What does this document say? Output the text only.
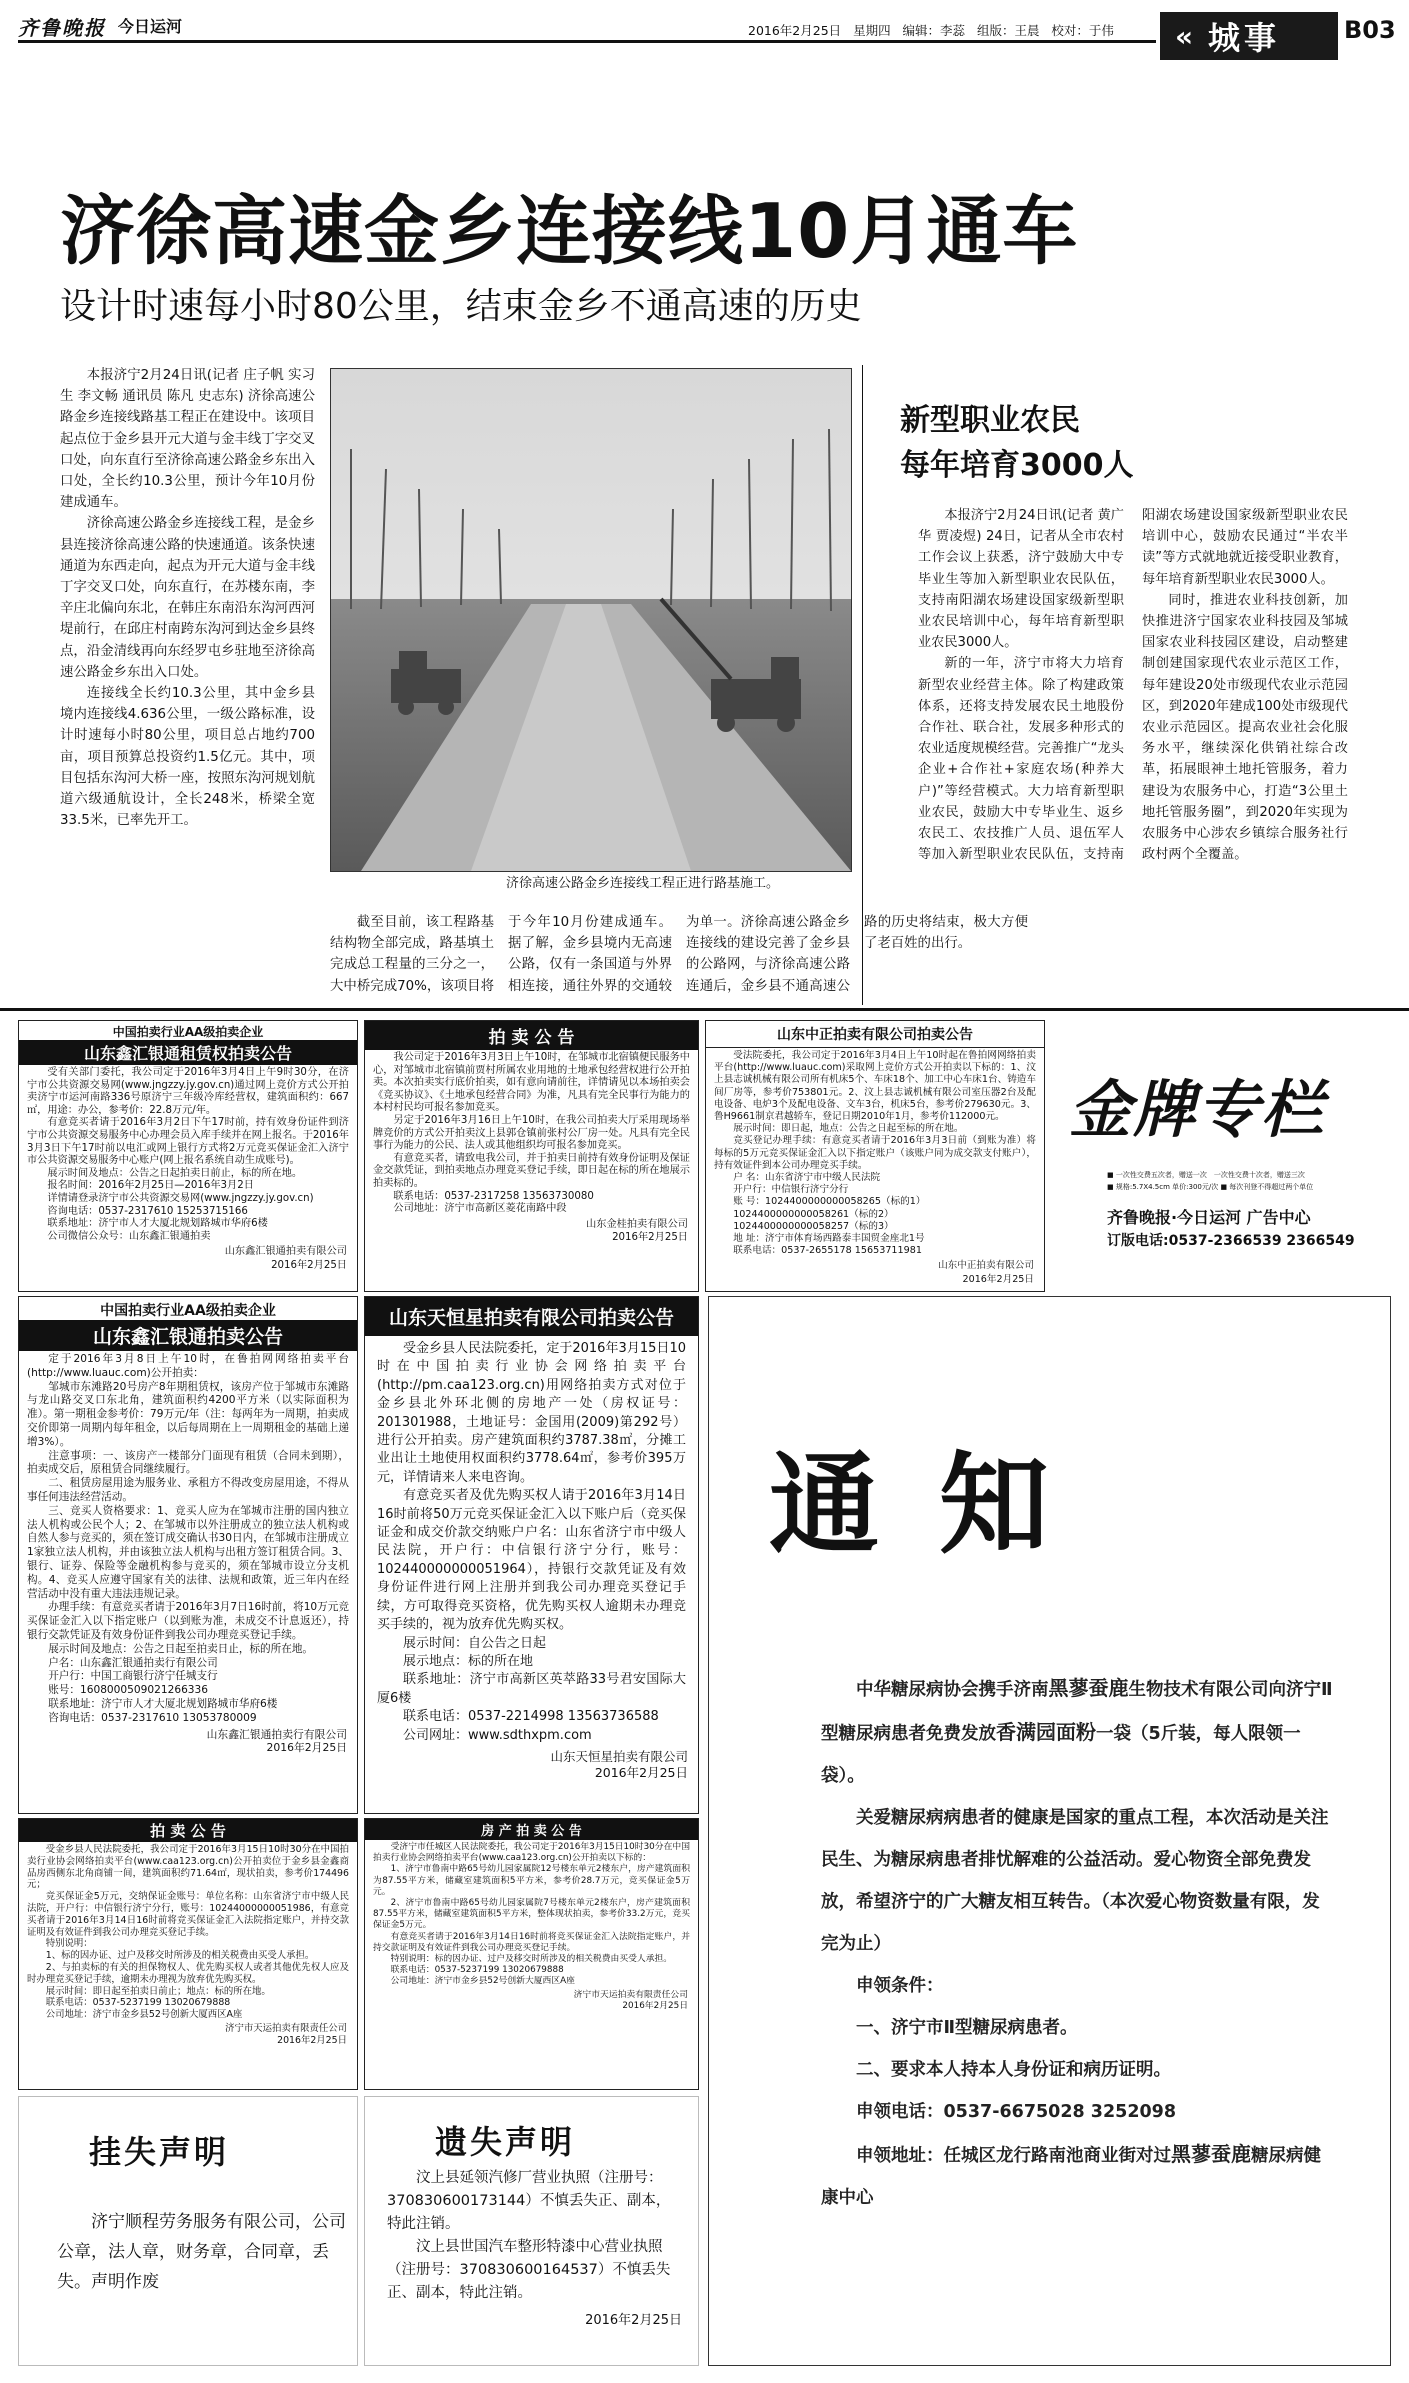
齐鲁晚报 今日运河	2016年2月25日 星期四 编辑：李蕊 组版：王晨 校对：于伟	« 城事	B03
济徐高速金乡连接线10月通车
设计时速每小时80公里，结束金乡不通高速的历史

本报济宁2月24日讯(记者 庄子帆 实习生 李文畅 通讯员 陈凡 史志东) 济徐高速公路金乡连接线路基工程正在建设中。该项目起点位于金乡县开元大道与金丰线丁字交叉口处，向东直行至济徐高速公路金乡东出入口处，全长约10.3公里，预计今年10月份建成通车。

济徐高速公路金乡连接线工程，是金乡县连接济徐高速公路的快速通道。该条快速通道为东西走向，起点为开元大道与金丰线丁字交叉口处，向东直行，在苏楼东南，李辛庄北偏向东北，在韩庄东南沿东沟河西河堤前行，在邱庄村南跨东沟河到达金乡县终点，沿金清线再向东经罗屯乡驻地至济徐高速公路金乡东出入口处。

连接线全长约10.3公里，其中金乡县境内连接线4.636公里，一级公路标准，设计时速每小时80公里，项目总占地约700亩，项目预算总投资约1.5亿元。其中，项目包括东沟河大桥一座，按照东沟河规划航道六级通航设计，全长248米，桥梁全宽33.5米，已率先开工。

济徐高速公路金乡连接线工程正进行路基施工。

截至目前，该工程路基结构物全部完成，路基填土完成总工程量的三分之一，大中桥完成70%，该项目将于今年10月份建成通车。据了解，金乡县境内无高速公路，仅有一条国道与外界相连接，通往外界的交通较为单一。济徐高速公路金乡连接线的建设完善了金乡县的公路网，与济徐高速公路连通后，金乡县不通高速公路的历史将结束，极大方便了老百姓的出行。

新型职业农民
每年培育3000人

本报济宁2月24日讯(记者 黄广华 贾凌煜) 24日，记者从全市农村工作会议上获悉，济宁鼓励大中专毕业生等加入新型职业农民队伍，支持南阳湖农场建设国家级新型职业农民培训中心，每年培育新型职业农民3000人。

新的一年，济宁市将大力培育新型农业经营主体。除了构建政策体系，还将支持发展农民土地股份合作社、联合社，发展多种形式的农业适度规模经营。完善推广“龙头企业+合作社+家庭农场(种养大户)”等经营模式。大力培育新型职业农民，鼓励大中专毕业生、返乡农民工、农技推广人员、退伍军人等加入新型职业农民队伍，支持南阳湖农场建设国家级新型职业农民培训中心，鼓励农民通过“半农半读”等方式就地就近接受职业教育，每年培育新型职业农民3000人。

同时，推进农业科技创新，加快推进济宁国家农业科技园及邹城国家农业科技园区建设，启动整建制创建国家现代农业示范区工作，每年建设20处市级现代农业示范园区，到2020年建成100处市级现代农业示范园区。提高农业社会化服务水平，继续深化供销社综合改革，拓展眼神土地托管服务，着力建设为农服务中心，打造“3公里土地托管服务圈”，到2020年实现为农服务中心涉农乡镇综合服务社行政村两个全覆盖。

中国拍卖行业AA级拍卖企业
山东鑫汇银通租赁权拍卖公告

受有关部门委托，我公司定于2016年3月4日上午9时30分，在济宁市公共资源交易网(www.jngzzy.jy.gov.cn)通过网上竞价方式公开拍卖济宁市运河南路336号原济宁三年级冷库经营权，建筑面积约：667㎡，用途：办公，参考价：22.8万元/年。

有意竞买者请于2016年3月2日下午17时前，持有效身份证件到济宁市公共资源交易服务中心办理会员入库手续并在网上报名。于2016年3月3日下午17时前以电汇或网上银行方式将2万元竞买保证金汇入济宁市公共资源交易服务中心账户(网上报名系统自动生成账号)。

展示时间及地点：公告之日起拍卖日前止，标的所在地。

报名时间：2016年2月25日—2016年3月2日

详情请登录济宁市公共资源交易网(www.jngzzy.jy.gov.cn)

咨询电话：0537-2317610 15253715166

联系地址：济宁市人才大厦北规划路城市华府6楼

公司微信公众号：山东鑫汇银通拍卖

山东鑫汇银通拍卖有限公司
2016年2月25日
拍 卖 公 告

我公司定于2016年3月3日上午10时，在邹城市北宿镇便民服务中心，对邹城市北宿镇前贾村所属农业用地的土地承包经营权进行公开拍卖。本次拍卖实行底价拍卖，如有意向请前往，详情请见以本场拍卖会《竞买协议》、《土地承包经营合同》为准，凡具有完全民事行为能力的本村村民均可报名参加竞买。

另定于2016年3月16日上午10时，在我公司拍卖大厅采用现场举牌竞价的方式公开拍卖汶上县郭仓镇前张村公厂房一处。凡具有完全民事行为能力的公民、法人或其他组织均可报名参加竞买。

有意竞买者，请致电我公司，并于拍卖日前持有效身份证明及保证金交款凭证，到拍卖地点办理竞买登记手续，即日起在标的所在地展示拍卖标的。

联系电话：0537-2317258 13563730080

公司地址：济宁市高新区菱花南路中段

山东金桂拍卖有限公司
2016年2月25日
山东中正拍卖有限公司拍卖公告

受法院委托，我公司定于2016年3月4日上午10时起在鲁拍网网络拍卖平台(http://www.luauc.com)采取网上竞价方式公开拍卖以下标的：1、汶上县志诚机械有限公司所有机床5个、车床18个、加工中心车床1台、铸造车间厂房等，参考价753801元。2、汶上县志诚机械有限公司室压器2台及配电设备、电炉3个及配电设备、文车3台，机床5台，参考价279630元。3、鲁H9661制京君越轿车，登记日期2010年1月，参考价112000元。

展示时间：即日起，地点：公告之日起至标的所在地。

竞买登记办理手续：有意竞买者请于2016年3月3日前（到账为准）将每标的5万元竞买保证金汇入以下指定账户（该账户同为成交款支付账户），持有效证件到本公司办理竞买手续。

户 名：山东省济宁市中级人民法院

开户行：中信银行济宁分行

账 号：1024400000000058265（标的1）

1024400000000058261（标的2）

1024400000000058257（标的3）

地 址：济宁市体育场西路泰丰国贸金座北1号

联系电话：0537-2655178 15653711981

山东中正拍卖有限公司
2016年2月25日
金牌专栏
■ 一次性交费五次者，赠送一次　一次性交费十次者，赠送三次
■ 规格:5.7X4.5cm 单价:300元/次 ■ 每次刊登不得超过两个单位
齐鲁晚报·今日运河 广告中心
订版电话:0537-2366539 2366549
中国拍卖行业AA级拍卖企业
山东鑫汇银通拍卖公告

定于2016年3月8日上午10时，在鲁拍网网络拍卖平台(http://www.luauc.com)公开拍卖：

邹城市东滩路20号房产8年期租赁权，该房产位于邹城市东滩路与龙山路交叉口东北角，建筑面积约4200平方米（以实际面积为准）。第一期租金参考价：79万元/年（注：每两年为一周期，拍卖成交价即第一周期内每年租金，以后每周期在上一周期租金的基础上递增3%）。

注意事项：一、该房产一楼部分门面现有租赁（合同未到期），拍卖成交后，原租赁合同继续履行。

二、租赁房屋用途为服务业、承租方不得改变房屋用途，不得从事任何违法经营活动。

三、竞买人资格要求：1、竞买人应为在邹城市注册的国内独立法人机构或公民个人；2、在邹城市以外注册成立的独立法人机构或自然人参与竞买的，须在签订成交确认书30日内，在邹城市注册成立1家独立法人机构，并由该独立法人机构与出租方签订租赁合同。3、银行、证券、保险等金融机构参与竞买的，须在邹城市设立分支机构。4、竞买人应遵守国家有关的法律、法规和政策，近三年内在经营活动中没有重大违法违规记录。

办理手续：有意竞买者请于2016年3月7日16时前，将10万元竞买保证金汇入以下指定账户（以到账为准，未成交不计息返还），持银行交款凭证及有效身份证件到我公司办理竞买登记手续。

展示时间及地点：公告之日起至拍卖日止，标的所在地。

户名：山东鑫汇银通拍卖行有限公司

开户行：中国工商银行济宁任城支行

账号：1608000509021266336

联系地址：济宁市人才大厦北规划路城市华府6楼

咨询电话：0537-2317610 13053780009

山东鑫汇银通拍卖行有限公司
2016年2月25日
山东天恒星拍卖有限公司拍卖公告

受金乡县人民法院委托，定于2016年3月15日10时在中国拍卖行业协会网络拍卖平台(http://pm.caa123.org.cn)用网络拍卖方式对位于金乡县北外环北侧的房地产一处（房权证号：201301988，土地证号：金国用(2009)第292号）进行公开拍卖。房产建筑面积约3787.38㎡，分摊工业出让土地使用权面积约3778.64㎡，参考价395万元，详情请来人来电咨询。

有意竞买者及优先购买权人请于2016年3月14日16时前将50万元竞买保证金汇入以下账户后（竞买保证金和成交价款交纳账户户名：山东省济宁市中级人民法院，开户行：中信银行济宁分行，账号：102440000000051964），持银行交款凭证及有效身份证件进行网上注册并到我公司办理竞买登记手续，方可取得竞买资格，优先购买权人逾期未办理竞买手续的，视为放弃优先购买权。

展示时间：自公告之日起

展示地点：标的所在地

联系地址：济宁市高新区英萃路33号君安国际大厦6楼

联系电话：0537-2214998 13563736588

公司网址：www.sdthxpm.com

山东天恒星拍卖有限公司
2016年2月25日
通知
中华糖尿病协会携手济南黑蓼蚕鹿生物技术有限公司向济宁Ⅱ型糖尿病患者免费发放香满园面粉一袋（5斤装，每人限领一袋）。
关爱糖尿病病患者的健康是国家的重点工程，本次活动是关注民生、为糖尿病患者排忧解难的公益活动。爱心物资全部免费发放，希望济宁的广大糖友相互转告。（本次爱心物资数量有限，发完为止）
申领条件：
一、济宁市Ⅱ型糖尿病患者。
二、要求本人持本人身份证和病历证明。
申领电话：0537-6675028 3252098
申领地址：任城区龙行路南池商业街对过黑蓼蚕鹿糖尿病健康中心
拍 卖 公 告

受金乡县人民法院委托，我公司定于2016年3月15日10时30分在中国拍卖行业协会网络拍卖平台(www.caa123.org.cn)公开拍卖位于金乡县金鑫商品房西侧东北角商铺一间，建筑面积约71.64㎡，现状拍卖，参考价174496元；

竞买保证金5万元，交纳保证金账号：单位名称：山东省济宁市中级人民法院，开户行：中信银行济宁分行，账号：10244000000051986，有意竞买者请于2016年3月14日16时前将竞买保证金汇入法院指定账户，并持交款证明及有效证件到我公司办理竞买登记手续。

特别说明：

1、标的因办证、过户及移交时所涉及的相关税费由买受人承担。

2、与拍卖标的有关的担保物权人、优先购买权人或者其他优先权人应及时办理竞买登记手续，逾期未办理视为放弃优先购买权。

展示时间：即日起至拍卖日前止；地点：标的所在地。

联系电话：0537-5237199 13020679888

公司地址：济宁市金乡县52号创新大厦西区A座

济宁市天运拍卖有限责任公司
2016年2月25日
房 产 拍 卖 公 告

受济宁市任城区人民法院委托，我公司定于2016年3月15日10时30分在中国拍卖行业协会网络拍卖平台(www.caa123.org.cn)公开拍卖以下标的：

1、济宁市鲁南中路65号幼儿园家属院12号楼东单元2楼东户，房产建筑面积为87.55平方米，储藏室建筑面积5平方米，参考价28.7万元，竞买保证金5万元。

2、济宁市鲁南中路65号幼儿园家属院7号楼东单元2楼东户，房产建筑面积87.55平方米，储藏室建筑面积5平方米，整体现状拍卖，参考价33.2万元，竞买保证金5万元。

有意竞买者请于2016年3月14日16时前将竞买保证金汇入法院指定账户，并持交款证明及有效证件到我公司办理竞买登记手续。

特别说明：标的因办证、过户及移交时所涉及的相关税费由买受人承担。

联系电话：0537-5237199 13020679888

公司地址：济宁市金乡县52号创新大厦西区A座

济宁市天运拍卖有限责任公司
2016年2月25日
挂失声明
济宁顺程劳务服务有限公司，公司公章，法人章，财务章，合同章，丢失。声明作废
遗失声明
汶上县延领汽修厂营业执照（注册号：370830600173144）不慎丢失正、副本，特此注销。
汶上县世国汽车整形特漆中心营业执照（注册号：370830600164537）不慎丢失正、副本，特此注销。
2016年2月25日
